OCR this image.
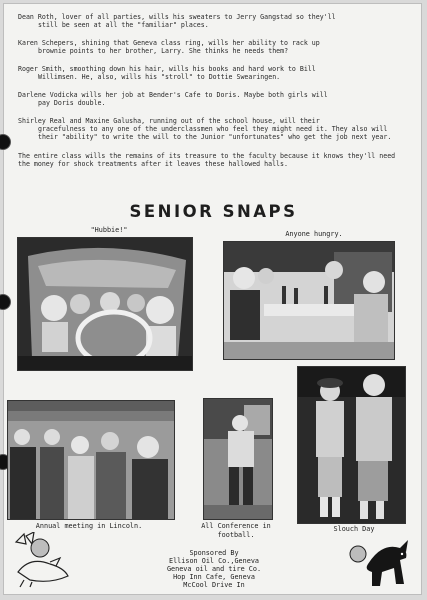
Dean Roth, lover of all parties, wills his sweaters to Jerry Gangstad so they'll
still be seen at all the "familiar" places.
Karen Schepers, shining that Geneva class ring, wills her ability to rack up
brownie points to her brother, Larry. She thinks he needs them?
Roger Smith, smoothing down his hair, wills his books and hard work to Bill
Willimsen. He, also, wills his "stroll" to Dottie Swearingen.
Darlene Vodicka wills her job at Bender's Cafe to Doris. Maybe both girls will
pay Doris double.
Shirley Real and Maxine Galusha, running out of the school house, will their
gracefulness to any one of the underclassmen who feel they might need it. They also will their "ability" to write the will to the Junior "unfortunates" who get the job next year.
The entire class wills the remains of its treasure to the faculty because it knows they'll need the money for shock treatments after it leaves these hallowed halls.
SENIOR SNAPS
"Hubbie!"	Anyone hungry.
Annual meeting in Lincoln.	All Conference in football.
Slouch Day
Sponsored By
Ellison Oil Co.,Geneva
Geneva oil and tire Co.
Hop Inn Cafe, Geneva
McCool Drive In
